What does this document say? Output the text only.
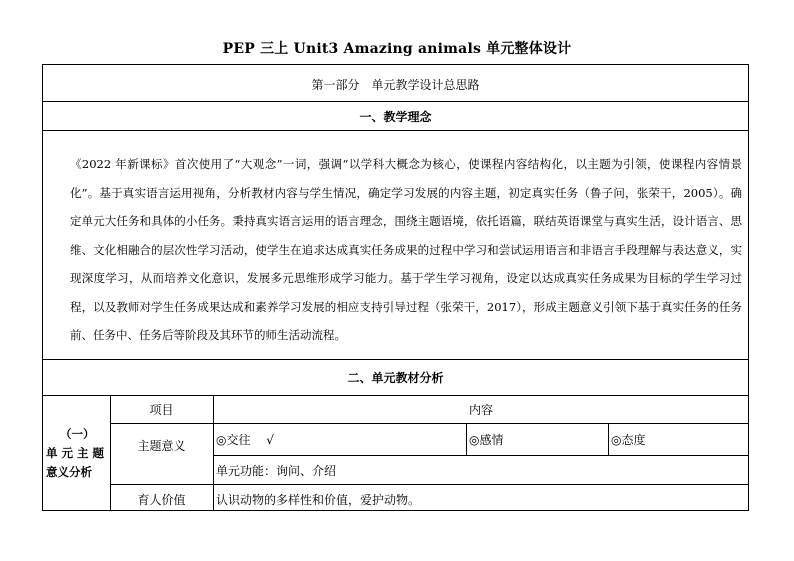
PEP 三上 Unit3 Amazing animals 单元整体设计
第一部分　单元教学设计总思路
一、教学理念
《2022 年新课标》首次使用了“大观念”一词，强调“以学科大概念为核心，使课程内容结构化，以主题为引领，使课程内容情景化”。基于真实语言运用视角，分析教材内容与学生情况，确定学习发展的内容主题，初定真实任务（鲁子问，张荣干，2005）。确定单元大任务和具体的小任务。秉持真实语言运用的语言理念，围绕主题语境，依托语篇，联结英语课堂与真实生活，设计语言、思维、文化相融合的层次性学习活动，使学生在追求达成真实任务成果的过程中学习和尝试运用语言和非语言手段理解与表达意义，实现深度学习，从而培养文化意识，发展多元思维形成学习能力。基于学生学习视角，设定以达成真实任务成果为目标的学生学习过程，以及教师对学生任务成果达成和素养学习发展的相应支持引导过程（张荣干，2017），形成主题意义引领下基于真实任务的任务前、任务中、任务后等阶段及其环节的师生活动流程。
二、单元教材分析
项目	内容
（一）
单 元 主 题
意义分析
主题意义	◎交往　 √	◎感情	◎态度
单元功能：询问、介绍
育人价值	认识动物的多样性和价值，爱护动物。
